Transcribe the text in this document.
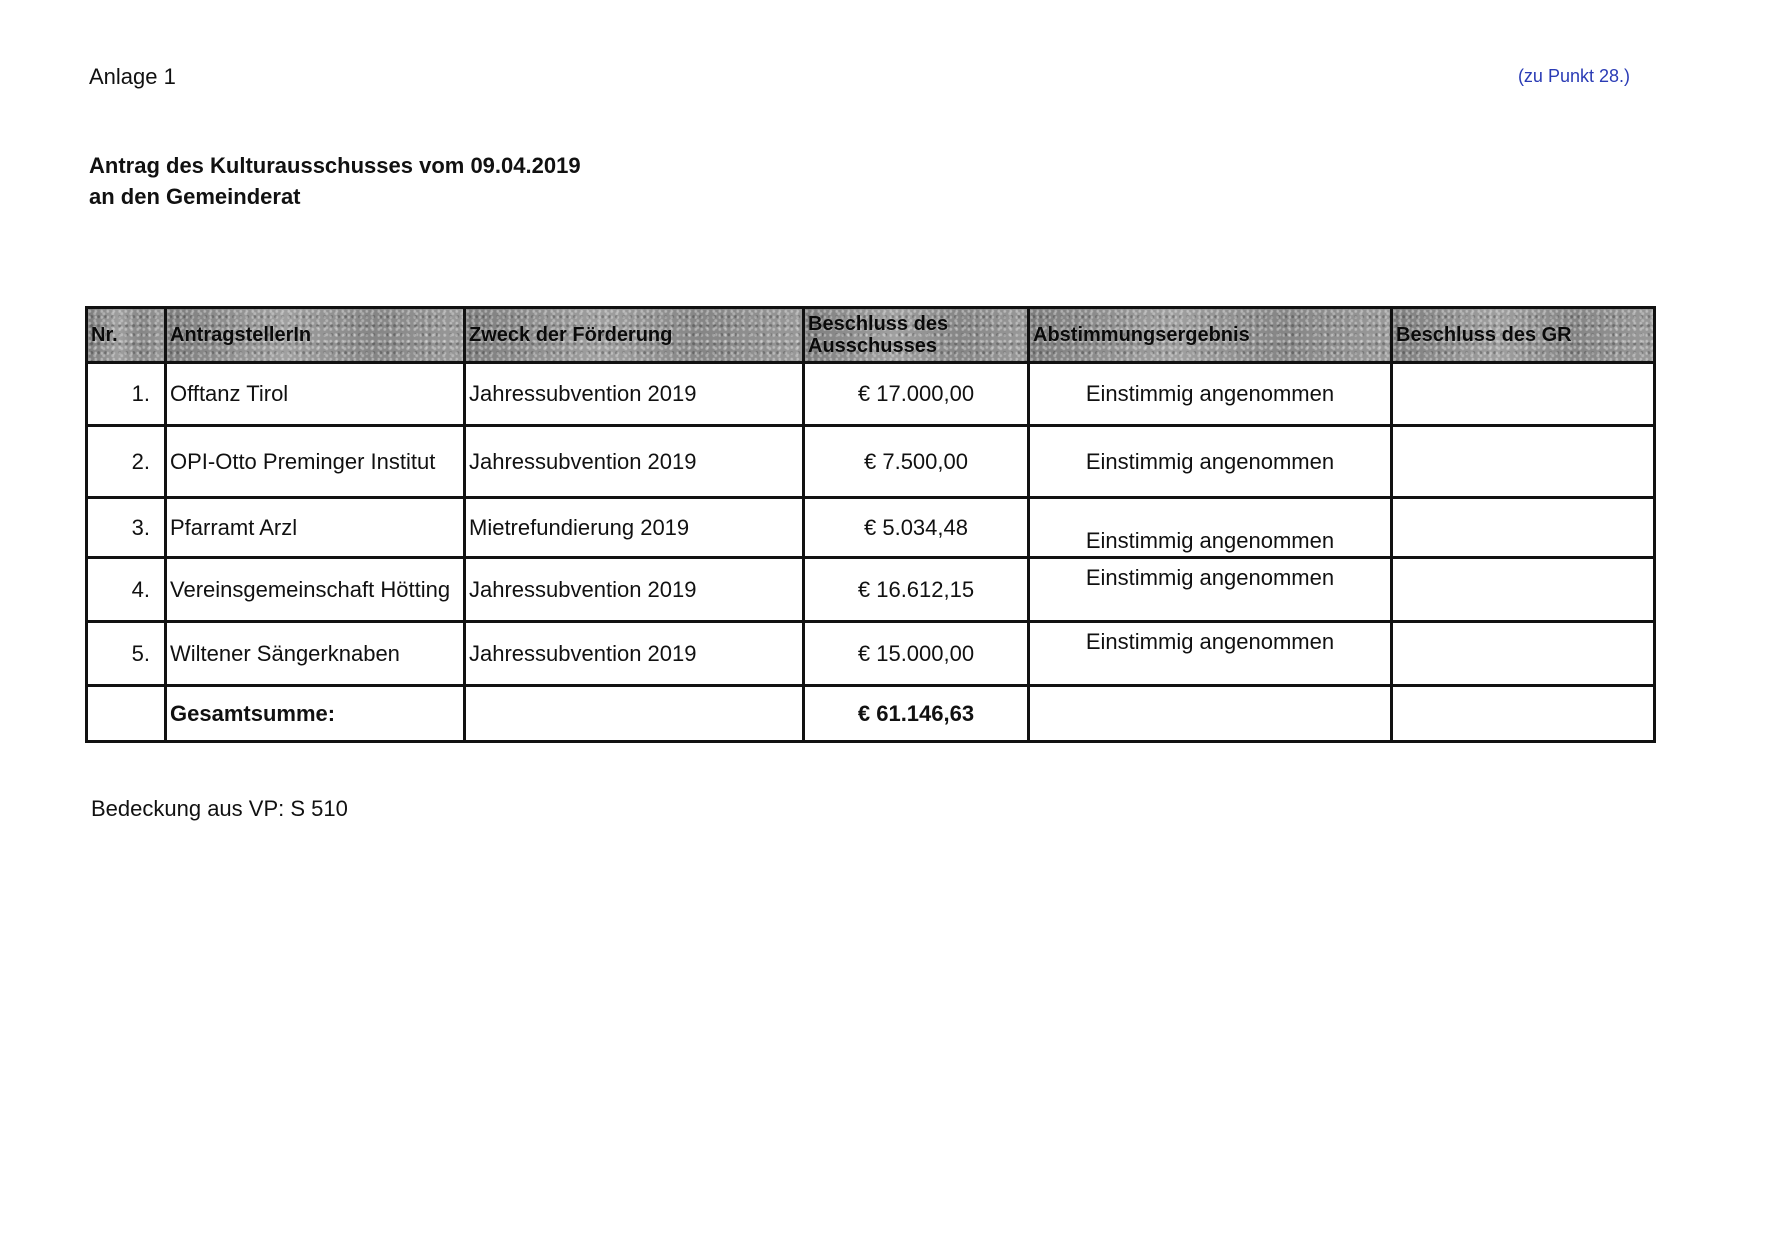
Anlage 1	(zu Punkt 28.)
Antrag des Kulturausschusses vom 09.04.2019
an den Gemeinderat
Nr.	AntragstellerIn	Zweck der Förderung	Beschluss des Ausschusses	Abstimmungsergebnis	Beschluss des GR
1.	Offtanz Tirol	Jahressubvention 2019	€ 17.000,00	Einstimmig angenommen	
2.	OPI-Otto Preminger Institut	Jahressubvention 2019	€ 7.500,00	Einstimmig angenommen	
3.	Pfarramt Arzl	Mietrefundierung 2019	€ 5.034,48	Einstimmig angenommen	
4.	Vereinsgemeinschaft Hötting	Jahressubvention 2019	€ 16.612,15	Einstimmig angenommen	
5.	Wiltener Sängerknaben	Jahressubvention 2019	€ 15.000,00	Einstimmig angenommen	
	Gesamtsumme:		€ 61.146,63		
Bedeckung aus VP: S 510
